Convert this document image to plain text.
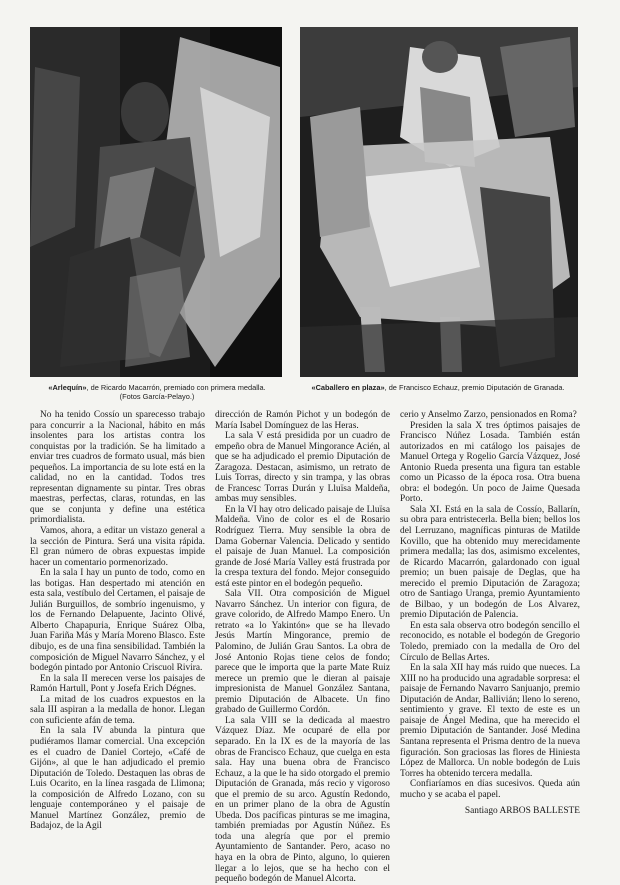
«Arlequín», de Ricardo Macarrón, premiado con primera medalla.
(Fotos García-Pelayo.)
«Caballero en plaza», de Francisco Echauz, premio Diputación de Granada.

No ha tenido Cossío un sparecesso trabajo para concurrir a la Nacional, hábito en más insolentes para los artistas contra los conquistas por la tradición. Se ha limitado a enviar tres cuadros de formato usual, más bien pequeños. La importancia de su lote está en la calidad, no en la cantidad. Todos tres representan dignamente su pintar. Tres obras maestras, perfectas, claras, rotundas, en las que se conjunta y define una estética primordialista.

Vamos, ahora, a editar un vistazo general a la sección de Pintura. Será una visita rápida. El gran número de obras expuestas impide hacer un comentario pormenorizado.

En la sala I hay un punto de todo, como en las botigas. Han despertado mi atención en esta sala, vestíbulo del Certamen, el paisaje de Julián Burguillos, de sombrío ingenuismo, y los de Fernando Delapuente, Jacinto Olivé, Alberto Chapapuria, Enrique Suárez Olba, Juan Fariña Más y María Moreno Blasco. Este dibujo, es de una fina sensibilidad. También la composición de Miguel Navarro Sánchez, y el bodegón pintado por Antonio Criscuol Rivira.

En la sala II merecen verse los paisajes de Ramón Hartull, Pont y Josefa Erich Dégnes.

La mitad de los cuadros expuestos en la sala III aspiran a la medalla de honor. Llegan con suficiente afán de tema.

En la sala IV abunda la pintura que pudiéramos llamar comercial. Una excepción es el cuadro de Daniel Cortejo, «Café de Gijón», al que le han adjudicado el premio Diputación de Toledo. Destaquen las obras de Luis Ocarito, en la línea rasgada de Llimona; la composición de Alfredo Lozano, con su lenguaje contemporáneo y el paisaje de Manuel Martínez González, premio de Badajoz, de la Agil

dirección de Ramón Pichot y un bodegón de María Isabel Domínguez de las Heras.

La sala V está presidida por un cuadro de empeño obra de Manuel Mingorance Acién, al que se ha adjudicado el premio Diputación de Zaragoza. Destacan, asimismo, un retrato de Luis Torras, directo y sin trampa, y las obras de Francesc Torras Durán y Lluïsa Maldeña, ambas muy sensibles.

En la VI hay otro delicado paisaje de Lluïsa Maldeña. Vino de color es el de Rosario Rodríguez Tierra. Muy sensible la obra de Dama Gobernar Valencia. Delicado y sentido el paisaje de Juan Manuel. La composición grande de José María Valley está frustrada por la crespa textura del fondo. Mejor conseguido está este pintor en el bodegón pequeño.

Sala VII. Otra composición de Miguel Navarro Sánchez. Un interior con figura, de grave colorido, de Alfredo Mampo Enero. Un retrato «a lo Yakintón» que se ha llevado Jesús Martín Mingorance, premio de Palomino, de Julián Grau Santos. La obra de José Antonio Rojas tiene celos de fondo; parece que le importa que la parte Mate Ruiz merece un premio que le dieran al paisaje impresionista de Manuel González Santana, premio Diputación de Albacete. Un fino grabado de Guillermo Cordón.

La sala VIII se la dedicada al maestro Vázquez Díaz. Me ocuparé de ella por separado. En la IX es de la mayoría de las obras de Francisco Echauz, que cuelga en esta sala. Hay una buena obra de Francisco Echauz, a la que le ha sido otorgado el premio Diputación de Granada, más recio y vigoroso que el premio de su arco. Agustín Redondo, en un primer plano de la obra de Agustín Ubeda. Dos pacíficas pinturas se me imagina, también premiadas por Agustín Núñez. Es toda una alegría que por el premio Ayuntamiento de Santander. Pero, acaso no haya en la obra de Pinto, alguno, lo quieren llegar a lo lejos, que se ha hecho con el pequeño bodegón de Manuel Alcorta.

cerio y Anselmo Zarzo, pensionados en Roma?

Presiden la sala X tres óptimos paisajes de Francisco Núñez Losada. También están autorizados en mi catálogo los paisajes de Manuel Ortega y Rogelio García Vázquez, José Antonio Rueda presenta una figura tan estable como un Picasso de la época rosa. Otra buena obra: el bodegón. Un poco de Jaime Quesada Porto.

Sala XI. Está en la sala de Cossío, Ballarín, su obra para entristecerla. Bella bien; bellos los del Lerruzano, magníficas pinturas de Matilde Kovillo, que ha obtenido muy merecidamente primera medalla; las dos, asimismo excelentes, de Ricardo Macarrón, galardonado con igual premio; un buen paisaje de Deglas, que ha merecido el premio Diputación de Zaragoza; otro de Santiago Uranga, premio Ayuntamiento de Bilbao, y un bodegón de Los Alvarez, premio Diputación de Palencia.

En esta sala observa otro bodegón sencillo el reconocido, es notable el bodegón de Gregorio Toledo, premiado con la medalla de Oro del Círculo de Bellas Artes.

En la sala XII hay más ruido que nueces. La XIII no ha producido una agradable sorpresa: el paisaje de Fernando Navarro Sanjuanjo, premio Diputación de Andar, Ballivián; lleno lo sereno, sentimiento y grave. El texto de este es un paisaje de Ángel Medina, que ha merecido el premio Diputación de Santander. José Medina Santana representa el Prisma dentro de la nueva figuración. Son graciosas las flores de Hiniesta López de Mallorca. Un noble bodegón de Luis Torres ha obtenido tercera medalla.

Confiaríamos en días sucesivos. Queda aún mucho y se acaba el papel.

Santiago ARBOS BALLESTE
